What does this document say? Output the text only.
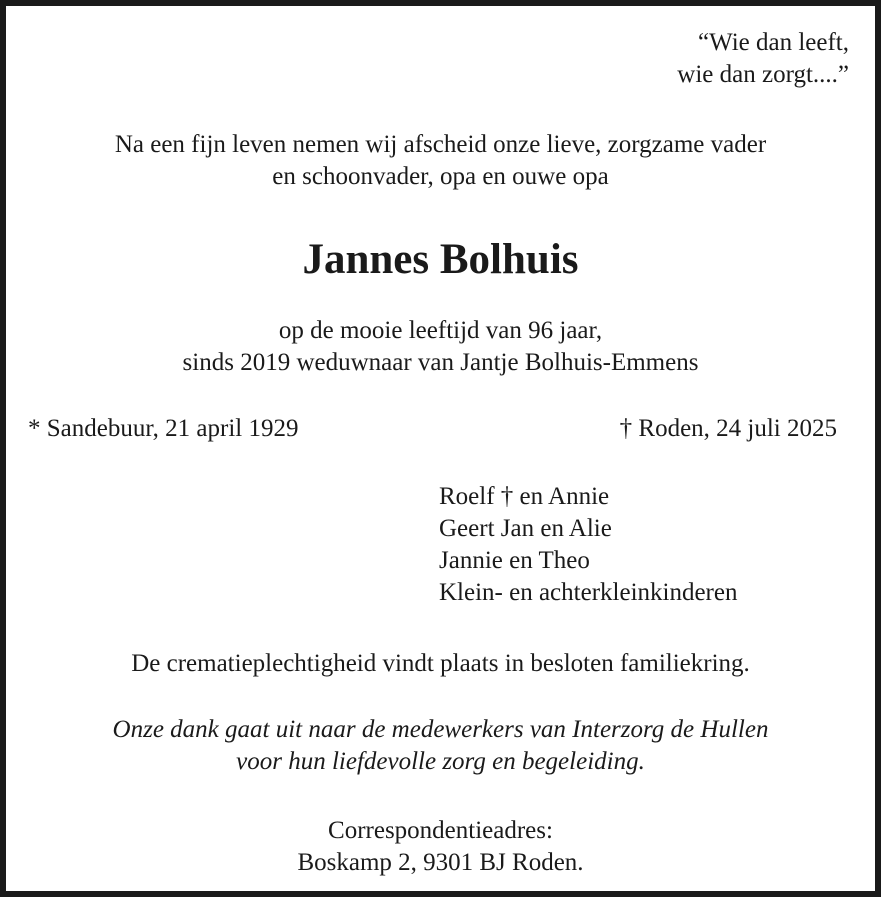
“Wie dan leeft,
wie dan zorgt....”
Na een fijn leven nemen wij afscheid onze lieve, zorgzame vader
en schoonvader, opa en ouwe opa
Jannes Bolhuis
op de mooie leeftijd van 96 jaar,
sinds 2019 weduwnaar van Jantje Bolhuis-Emmens
* Sandebuur, 21 april 1929	† Roden, 24 juli 2025
Roelf † en Annie
Geert Jan en Alie
Jannie en Theo
Klein- en achterkleinkinderen
De crematieplechtigheid vindt plaats in besloten familiekring.
Onze dank gaat uit naar de medewerkers van Interzorg de Hullen
voor hun liefdevolle zorg en begeleiding.
Correspondentieadres:
Boskamp 2, 9301 BJ Roden.
